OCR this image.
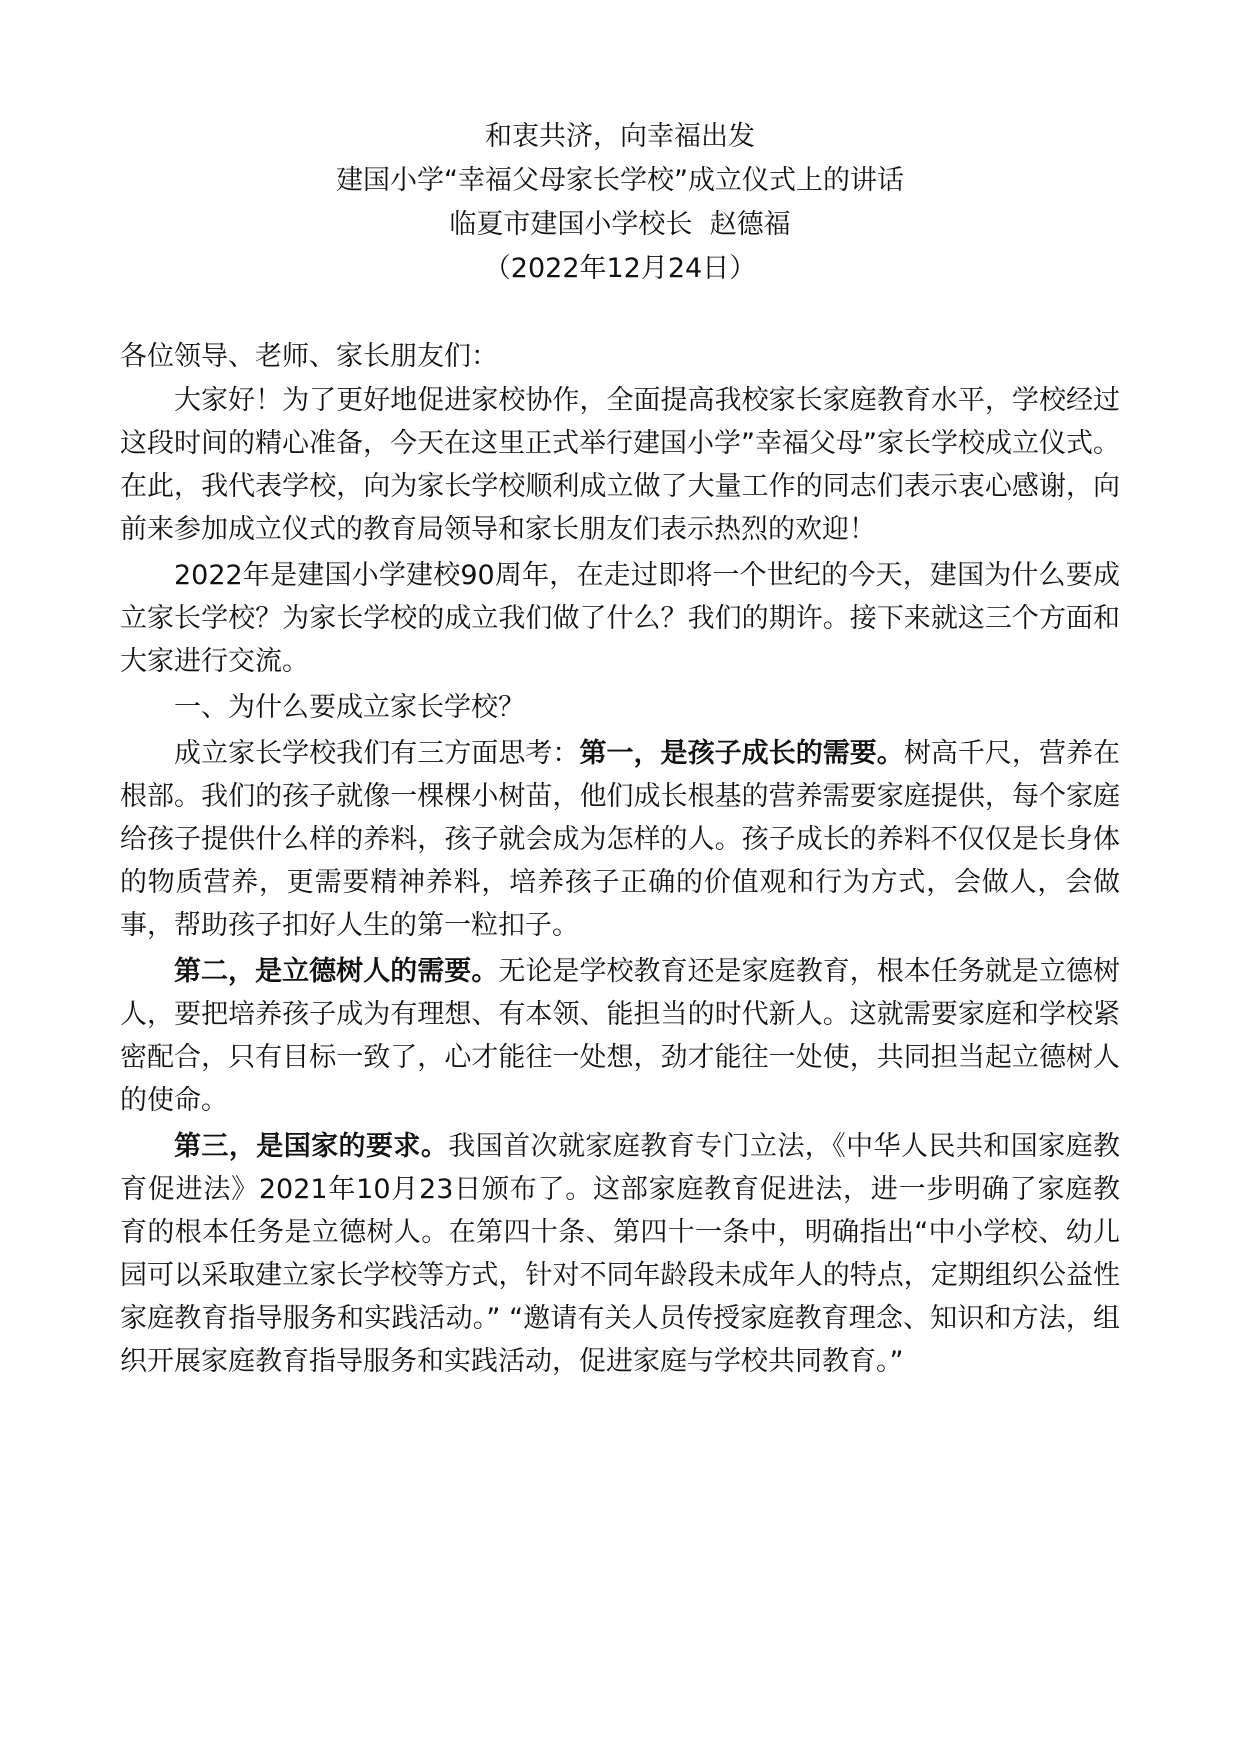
和衷共济，向幸福出发
建国小学“幸福父母家长学校”成立仪式上的讲话
临夏市建国小学校长  赵德福
（2022年12月24日）
各位领导、老师、家长朋友们：

大家好！为了更好地促进家校协作，全面提高我校家长家庭教育水平，学校经过这段时间的精心准备，今天在这里正式举行建国小学”幸福父母”家长学校成立仪式。在此，我代表学校，向为家长学校顺利成立做了大量工作的同志们表示衷心感谢，向前来参加成立仪式的教育局领导和家长朋友们表示热烈的欢迎！

2022年是建国小学建校90周年，在走过即将一个世纪的今天，建国为什么要成立家长学校？为家长学校的成立我们做了什么？我们的期许。接下来就这三个方面和大家进行交流。

一、为什么要成立家长学校？

成立家长学校我们有三方面思考：第一，是孩子成长的需要。树高千尺，营养在根部。我们的孩子就像一棵棵小树苗，他们成长根基的营养需要家庭提供，每个家庭给孩子提供什么样的养料，孩子就会成为怎样的人。孩子成长的养料不仅仅是长身体的物质营养，更需要精神养料，培养孩子正确的价值观和行为方式，会做人，会做事，帮助孩子扣好人生的第一粒扣子。

第二，是立德树人的需要。无论是学校教育还是家庭教育，根本任务就是立德树人，要把培养孩子成为有理想、有本领、能担当的时代新人。这就需要家庭和学校紧密配合，只有目标一致了，心才能往一处想，劲才能往一处使，共同担当起立德树人的使命。

第三，是国家的要求。我国首次就家庭教育专门立法，《中华人民共和国家庭教育促进法》2021年10月23日颁布了。这部家庭教育促进法，进一步明确了家庭教育的根本任务是立德树人。在第四十条、第四十一条中，明确指出“中小学校、幼儿园可以采取建立家长学校等方式，针对不同年龄段未成年人的特点，定期组织公益性家庭教育指导服务和实践活动。” “邀请有关人员传授家庭教育理念、知识和方法，组织开展家庭教育指导服务和实践活动，促进家庭与学校共同教育。”
